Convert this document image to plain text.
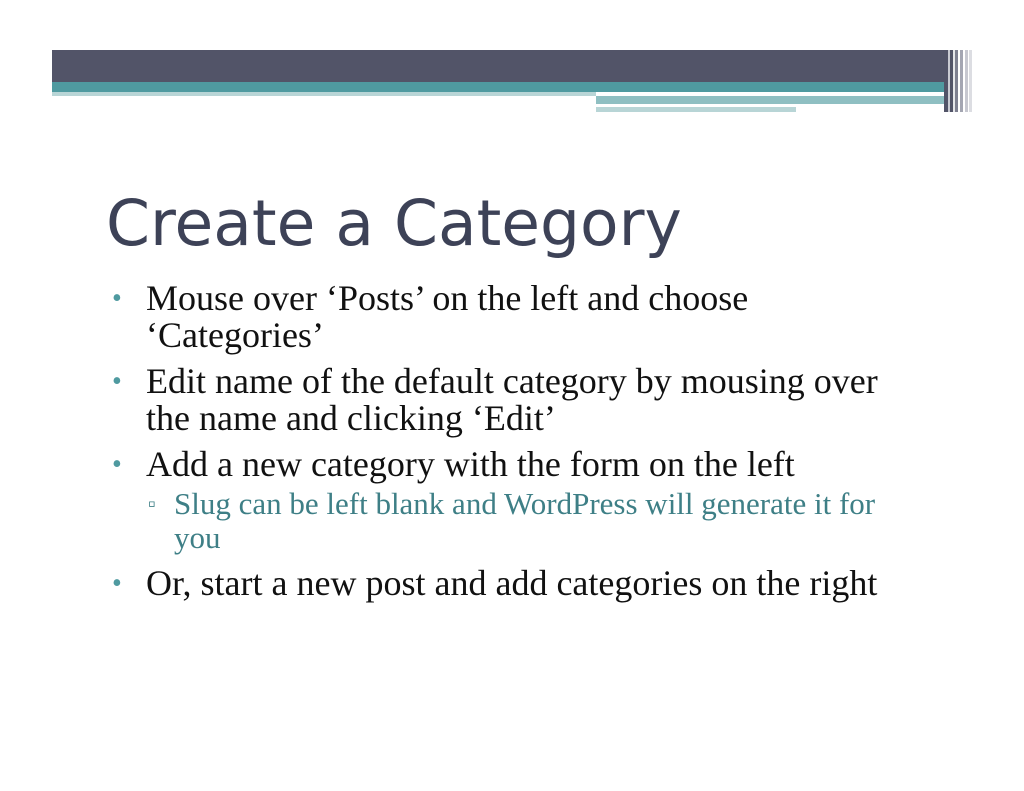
Create a Category
• Mouse over ‘Posts’ on the left and choose ‘Categories’
• Edit name of the default category by mousing over the name and clicking ‘Edit’
• Add a new category with the form on the left
▫ Slug can be left blank and WordPress will generate it for you
• Or, start a new post and add categories on the right
